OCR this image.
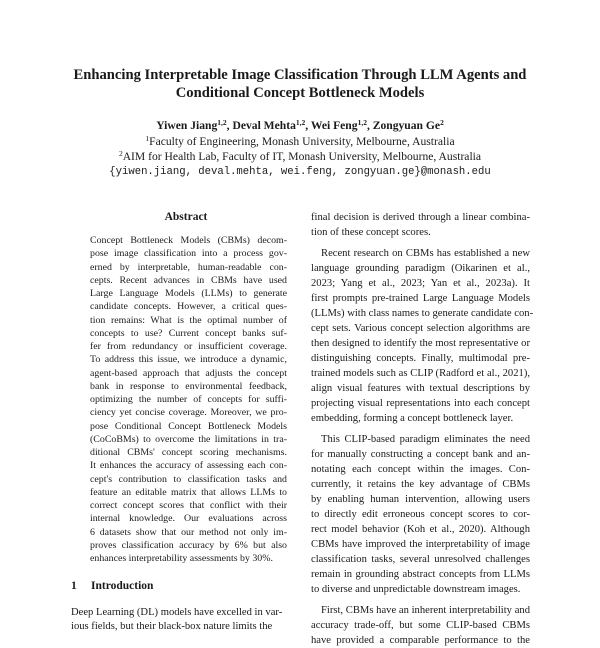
Enhancing Interpretable Image Classification Through LLM Agents and
Conditional Concept Bottleneck Models
Yiwen Jiang$^{1,2}$, Deval Mehta$^{1,2}$, Wei Feng$^{1,2}$, Zongyuan Ge$^2$
$^1$Faculty of Engineering, Monash University, Melbourne, Australia
$^2$AIM for Health Lab, Faculty of IT, Monash University, Melbourne, Australia
{yiwen.jiang, deval.mehta, wei.feng, zongyuan.ge}@monash.edu
Abstract
Concept Bottleneck Models (CBMs) decom-
pose image classification into a process gov-
erned by interpretable, human-readable con-
cepts. Recent advances in CBMs have used
Large Language Models (LLMs) to generate
candidate concepts. However, a critical ques-
tion remains: What is the optimal number of
concepts to use? Current concept banks suf-
fer from redundancy or insufficient coverage.
To address this issue, we introduce a dynamic,
agent-based approach that adjusts the concept
bank in response to environmental feedback,
optimizing the number of concepts for suffi-
ciency yet concise coverage. Moreover, we pro-
pose Conditional Concept Bottleneck Models
(CoCoBMs) to overcome the limitations in tra-
ditional CBMs' concept scoring mechanisms.
It enhances the accuracy of assessing each con-
cept's contribution to classification tasks and
feature an editable matrix that allows LLMs to
correct concept scores that conflict with their
internal knowledge. Our evaluations across
6 datasets show that our method not only im-
proves classification accuracy by 6% but also
enhances interpretability assessments by 30%.
1	Introduction
Deep Learning (DL) models have excelled in var-
ious fields, but their black-box nature limits the
final decision is derived through a linear combina-
tion of these concept scores.
Recent research on CBMs has established a new
language grounding paradigm (Oikarinen et al.,
2023; Yang et al., 2023; Yan et al., 2023a). It
first prompts pre-trained Large Language Models
(LLMs) with class names to generate candidate con-
cept sets. Various concept selection algorithms are
then designed to identify the most representative or
distinguishing concepts. Finally, multimodal pre-
trained models such as CLIP (Radford et al., 2021),
align visual features with textual descriptions by
projecting visual representations into each concept
embedding, forming a concept bottleneck layer.
This CLIP-based paradigm eliminates the need
for manually constructing a concept bank and an-
notating each concept within the images. Con-
currently, it retains the key advantage of CBMs
by enabling human intervention, allowing users
to directly edit erroneous concept scores to cor-
rect model behavior (Koh et al., 2020). Although
CBMs have improved the interpretability of image
classification tasks, several unresolved challenges
remain in grounding abstract concepts from LLMs
to diverse and unpredictable downstream images.
First, CBMs have an inherent interpretability and
accuracy trade-off, but some CLIP-based CBMs
have provided a comparable performance to the
